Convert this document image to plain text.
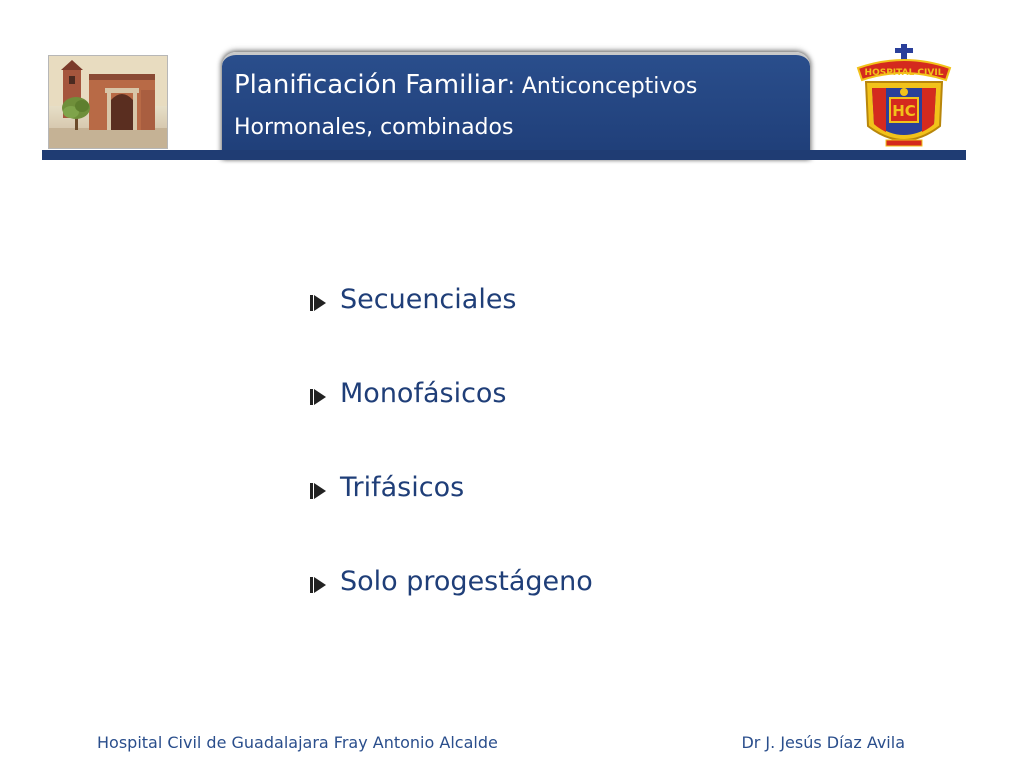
Planificación Familiar: Anticonceptivos
Hormonales, combinados
HOSPITAL CIVIL
HC
Secuenciales
Monofásicos
Trifásicos
Solo progestágeno
Hospital Civil de Guadalajara Fray Antonio Alcalde	Dr J. Jesús Díaz Avila
